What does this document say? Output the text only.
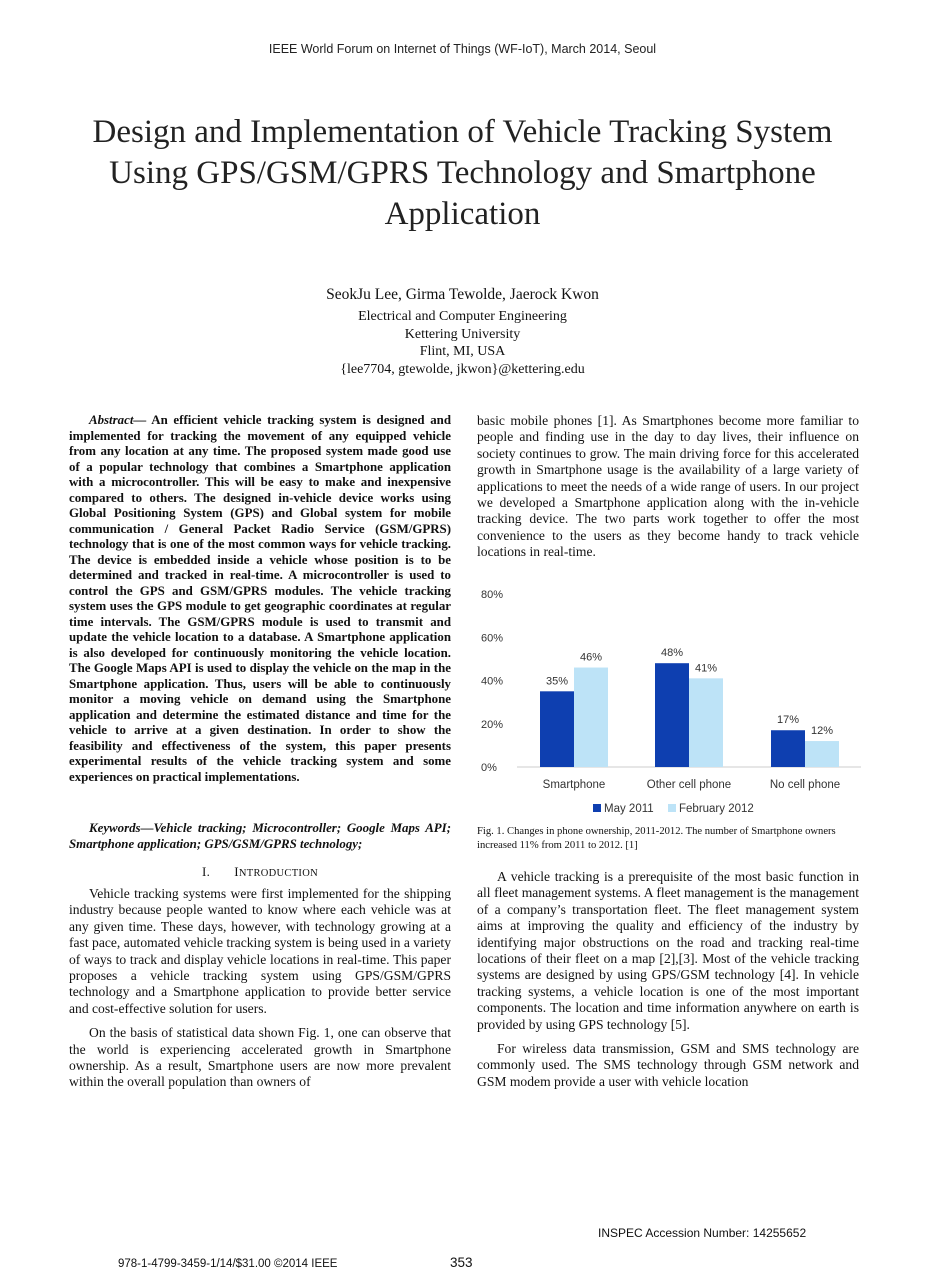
IEEE World Forum on Internet of Things (WF-IoT), March 2014, Seoul
Design and Implementation of Vehicle Tracking System Using GPS/GSM/GPRS Technology and Smartphone Application
SeokJu Lee, Girma Tewolde, Jaerock Kwon
Electrical and Computer Engineering
Kettering University
Flint, MI, USA
{lee7704, gtewolde, jkwon}@kettering.edu
Abstract— An efficient vehicle tracking system is designed and implemented for tracking the movement of any equipped vehicle from any location at any time. The proposed system made good use of a popular technology that combines a Smartphone application with a microcontroller. This will be easy to make and inexpensive compared to others. The designed in-vehicle device works using Global Positioning System (GPS) and Global system for mobile communication / General Packet Radio Service (GSM/GPRS) technology that is one of the most common ways for vehicle tracking. The device is embedded inside a vehicle whose position is to be determined and tracked in real-time. A microcontroller is used to control the GPS and GSM/GPRS modules. The vehicle tracking system uses the GPS module to get geographic coordinates at regular time intervals. The GSM/GPRS module is used to transmit and update the vehicle location to a database. A Smartphone application is also developed for continuously monitoring the vehicle location. The Google Maps API is used to display the vehicle on the map in the Smartphone application. Thus, users will be able to continuously monitor a moving vehicle on demand using the Smartphone application and determine the estimated distance and time for the vehicle to arrive at a given destination. In order to show the feasibility and effectiveness of the system, this paper presents experimental results of the vehicle tracking system and some experiences on practical implementations.
Keywords—Vehicle tracking; Microcontroller; Google Maps API; Smartphone application; GPS/GSM/GPRS technology;
I. INTRODUCTION

Vehicle tracking systems were first implemented for the shipping industry because people wanted to know where each vehicle was at any given time. These days, however, with technology growing at a fast pace, automated vehicle tracking system is being used in a variety of ways to track and display vehicle locations in real-time. This paper proposes a vehicle tracking system using GPS/GSM/GPRS technology and a Smartphone application to provide better service and cost-effective solution for users.

On the basis of statistical data shown Fig. 1, one can observe that the world is experiencing accelerated growth in Smartphone ownership. As a result, Smartphone users are now more prevalent within the overall population than owners of

basic mobile phones [1]. As Smartphones become more familiar to people and finding use in the day to day lives, their influence on society continues to grow. The main driving force for this accelerated growth in Smartphone usage is the availability of a large variety of applications to meet the needs of a wide range of users. In our project we developed a Smartphone application along with the in-vehicle tracking device. The two parts work together to offer the most convenience to the users as they become handy to track vehicle locations in real-time.

0%
20%
40%
60%
80%
35%
46%	48%
41%
17%
12%
Smartphone	Other cell phone	No cell phone
May 2011 February 2012
Fig. 1. Changes in phone ownership, 2011-2012. The number of Smartphone owners increased 11% from 2011 to 2012. [1]

A vehicle tracking is a prerequisite of the most basic function in all fleet management systems. A fleet management is the management of a company’s transportation fleet. The fleet management system aims at improving the quality and efficiency of the industry by identifying major obstructions on the road and tracking real-time locations of their fleet on a map [2],[3]. Most of the vehicle tracking systems are designed by using GPS/GSM technology [4]. In vehicle tracking systems, a vehicle location is one of the most important components. The location and time information anywhere on earth is provided by using GPS technology [5].

For wireless data transmission, GSM and SMS technology are commonly used. The SMS technology through GSM network and GSM modem provide a user with vehicle location

INSPEC Accession Number: 14255652
978-1-4799-3459-1/14/$31.00 ©2014 IEEE	353
